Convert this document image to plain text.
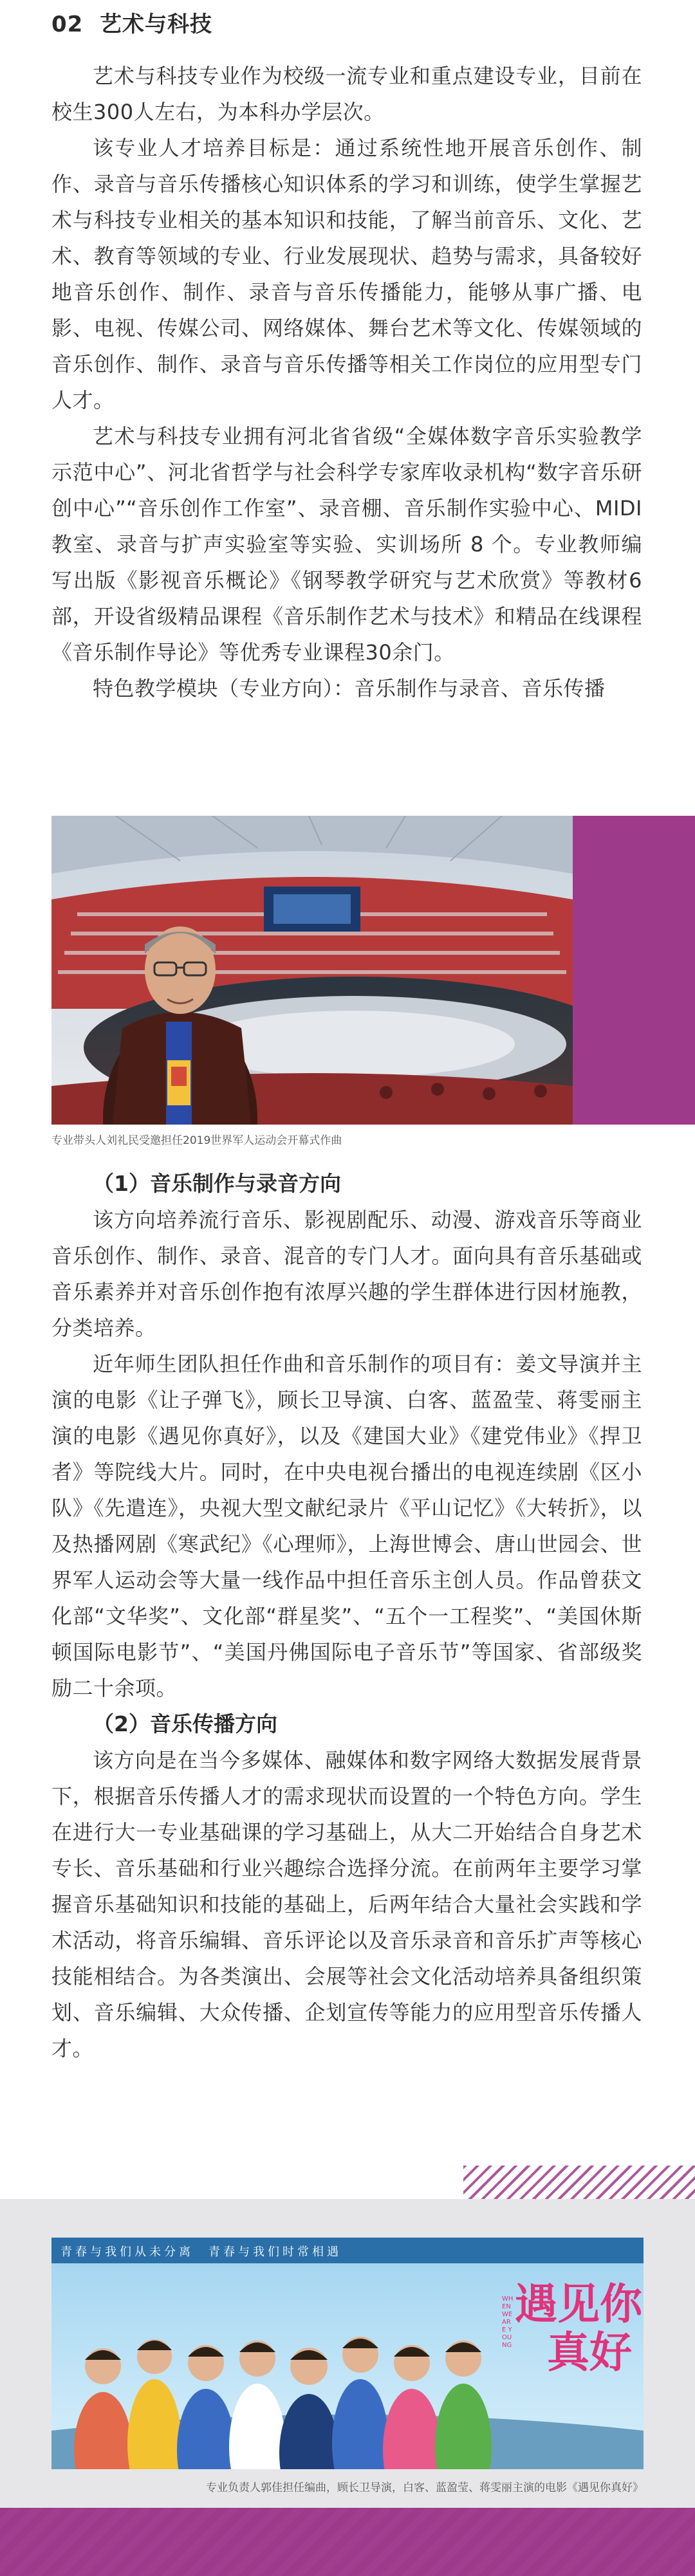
02 艺术与科技

艺术与科技专业作为校级一流专业和重点建设专业，目前在校生300人左右，为本科办学层次。

该专业人才培养目标是：通过系统性地开展音乐创作、制作、录音与音乐传播核心知识体系的学习和训练，使学生掌握艺术与科技专业相关的基本知识和技能，了解当前音乐、文化、艺术、教育等领域的专业、行业发展现状、趋势与需求，具备较好地音乐创作、制作、录音与音乐传播能力，能够从事广播、电影、电视、传媒公司、网络媒体、舞台艺术等文化、传媒领域的音乐创作、制作、录音与音乐传播等相关工作岗位的应用型专门人才。

艺术与科技专业拥有河北省省级“全媒体数字音乐实验教学示范中心”、河北省哲学与社会科学专家库收录机构“数字音乐研创中心”“音乐创作工作室”、录音棚、音乐制作实验中心、MIDI教室、录音与扩声实验室等实验、实训场所 8 个。专业教师编写出版《影视音乐概论》《钢琴教学研究与艺术欣赏》等教材6部，开设省级精品课程《音乐制作艺术与技术》和精品在线课程《音乐制作导论》等优秀专业课程30余门。

特色教学模块（专业方向）：音乐制作与录音、音乐传播

专业带头人刘礼民受邀担任2019世界军人运动会开幕式作曲

（1）音乐制作与录音方向

该方向培养流行音乐、影视剧配乐、动漫、游戏音乐等商业音乐创作、制作、录音、混音的专门人才。面向具有音乐基础或音乐素养并对音乐创作抱有浓厚兴趣的学生群体进行因材施教，分类培养。

近年师生团队担任作曲和音乐制作的项目有：姜文导演并主演的电影《让子弹飞》，顾长卫导演、白客、蓝盈莹、蒋雯丽主演的电影《遇见你真好》，以及《建国大业》《建党伟业》《捍卫者》等院线大片。同时，在中央电视台播出的电视连续剧《区小队》《先遣连》，央视大型文献纪录片《平山记忆》《大转折》，以及热播网剧《寒武纪》《心理师》，上海世博会、唐山世园会、世界军人运动会等大量一线作品中担任音乐主创人员。作品曾获文化部“文华奖”、文化部“群星奖”、“五个一工程奖”、“美国休斯顿国际电影节”、“美国丹佛国际电子音乐节”等国家、省部级奖励二十余项。

（2）音乐传播方向

该方向是在当今多媒体、融媒体和数字网络大数据发展背景下，根据音乐传播人才的需求现状而设置的一个特色方向。学生在进行大一专业基础课的学习基础上，从大二开始结合自身艺术专长、音乐基础和行业兴趣综合选择分流。在前两年主要学习掌握音乐基础知识和技能的基础上，后两年结合大量社会实践和学术活动，将音乐编辑、音乐评论以及音乐录音和音乐扩声等核心技能相结合。为各类演出、会展等社会文化活动培养具备组织策划、音乐编辑、大众传播、企划宣传等能力的应用型音乐传播人才。

青春与我们从未分离　青春与我们时常相遇
遇见你
真好
WHEN WE ARE YOUNG
专业负责人郭佳担任编曲，顾长卫导演，白客、蓝盈莹、蒋雯丽主演的电影《遇见你真好》
